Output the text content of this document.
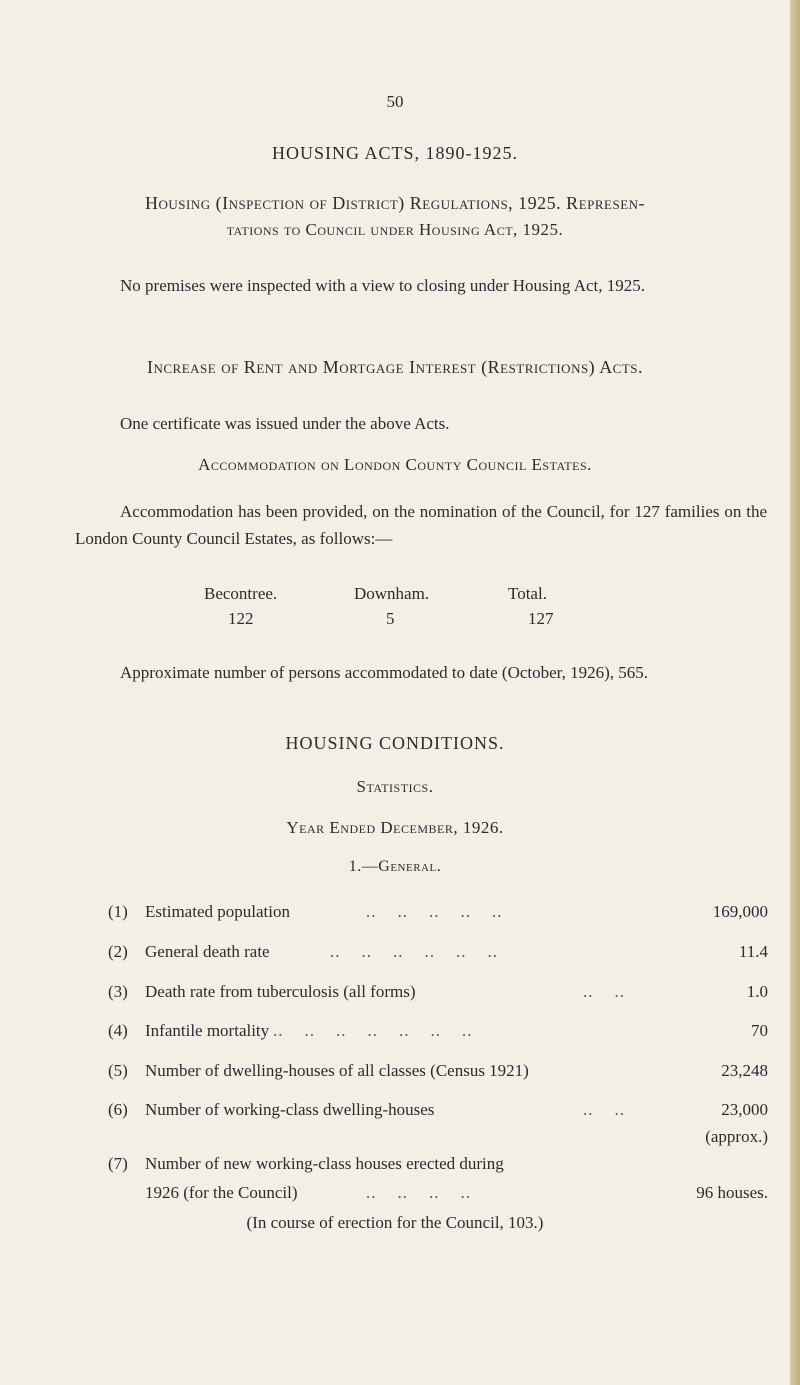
50
HOUSING ACTS, 1890-1925.
Housing (Inspection of District) Regulations, 1925. Represen-
tations to Council under Housing Act, 1925.
No premises were inspected with a view to closing under Housing Act, 1925.
Increase of Rent and Mortgage Interest (Restrictions) Acts.
One certificate was issued under the above Acts.
Accommodation on London County Council Estates.
Accommodation has been provided, on the nomination of the Council, for 127 families on the London County Council Estates, as follows:—
Becontree.	Downham.	Total.
122	5	127
Approximate number of persons accommodated to date (October, 1926), 565.
HOUSING CONDITIONS.
Statistics.
Year Ended December, 1926.
1.—General.
(1) Estimated population	..    ..    ..    ..    ..	169,000
(2) General death rate	..    ..    ..    ..    ..    ..	11.4
(3) Death rate from tuberculosis (all forms)	..    ..	1.0
(4) Infantile mortality ..    ..    ..    ..    ..    ..    ..	70
(5) Number of dwelling-houses of all classes (Census 1921)	23,248
(6) Number of working-class dwelling-houses	..    ..	23,000
(approx.)
(7) Number of new working-class houses erected during
1926 (for the Council)	..    ..    ..    ..	96 houses.
(In course of erection for the Council, 103.)
